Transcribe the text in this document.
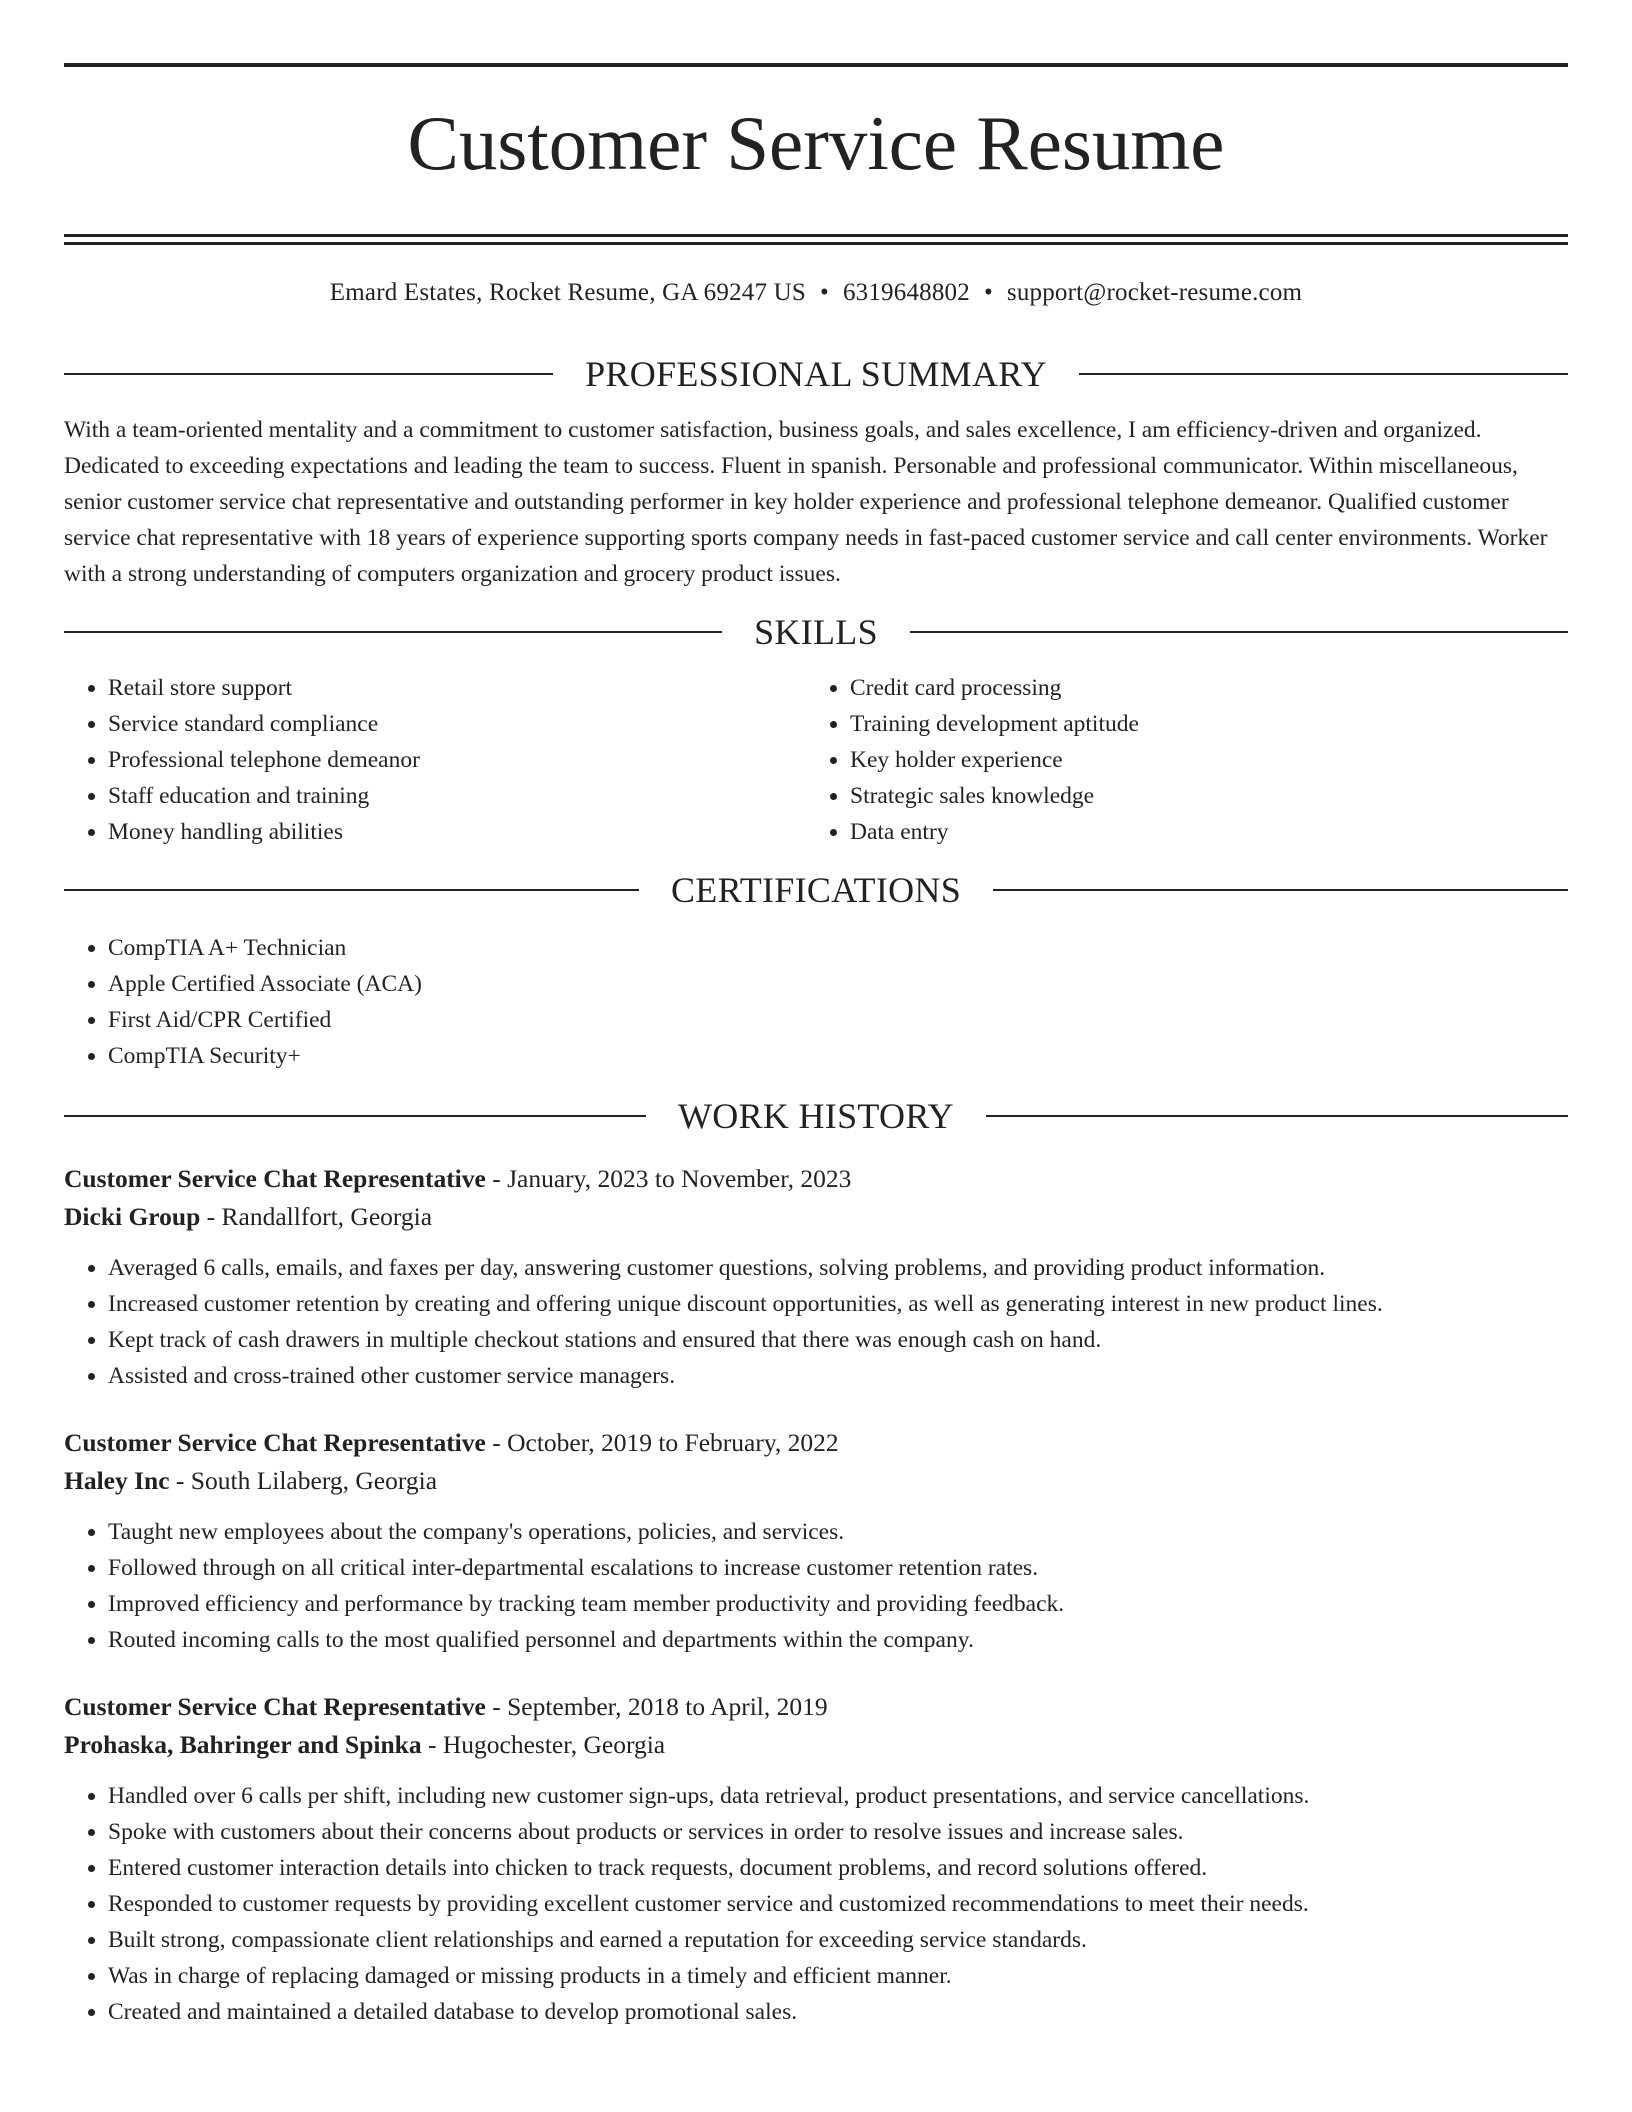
Customer Service Resume
Emard Estates, Rocket Resume, GA 69247 US • 6319648802 • support@rocket-resume.com
PROFESSIONAL SUMMARY
With a team-oriented mentality and a commitment to customer satisfaction, business goals, and sales excellence, I am efficiency-driven and organized. Dedicated to exceeding expectations and leading the team to success. Fluent in spanish. Personable and professional communicator. Within miscellaneous, senior customer service chat representative and outstanding performer in key holder experience and professional telephone demeanor. Qualified customer service chat representative with 18 years of experience supporting sports company needs in fast-paced customer service and call center environments. Worker with a strong understanding of computers organization and grocery product issues.
SKILLS
• Retail store support
• Service standard compliance
• Professional telephone demeanor
• Staff education and training
• Money handling abilities
• Credit card processing
• Training development aptitude
• Key holder experience
• Strategic sales knowledge
• Data entry
CERTIFICATIONS
• CompTIA A+ Technician
• Apple Certified Associate (ACA)
• First Aid/CPR Certified
• CompTIA Security+
WORK HISTORY
Customer Service Chat Representative - January, 2023 to November, 2023
Dicki Group - Randallfort, Georgia
• Averaged 6 calls, emails, and faxes per day, answering customer questions, solving problems, and providing product information.
• Increased customer retention by creating and offering unique discount opportunities, as well as generating interest in new product lines.
• Kept track of cash drawers in multiple checkout stations and ensured that there was enough cash on hand.
• Assisted and cross-trained other customer service managers.
Customer Service Chat Representative - October, 2019 to February, 2022
Haley Inc - South Lilaberg, Georgia
• Taught new employees about the company's operations, policies, and services.
• Followed through on all critical inter-departmental escalations to increase customer retention rates.
• Improved efficiency and performance by tracking team member productivity and providing feedback.
• Routed incoming calls to the most qualified personnel and departments within the company.
Customer Service Chat Representative - September, 2018 to April, 2019
Prohaska, Bahringer and Spinka - Hugochester, Georgia
• Handled over 6 calls per shift, including new customer sign-ups, data retrieval, product presentations, and service cancellations.
• Spoke with customers about their concerns about products or services in order to resolve issues and increase sales.
• Entered customer interaction details into chicken to track requests, document problems, and record solutions offered.
• Responded to customer requests by providing excellent customer service and customized recommendations to meet their needs.
• Built strong, compassionate client relationships and earned a reputation for exceeding service standards.
• Was in charge of replacing damaged or missing products in a timely and efficient manner.
• Created and maintained a detailed database to develop promotional sales.
